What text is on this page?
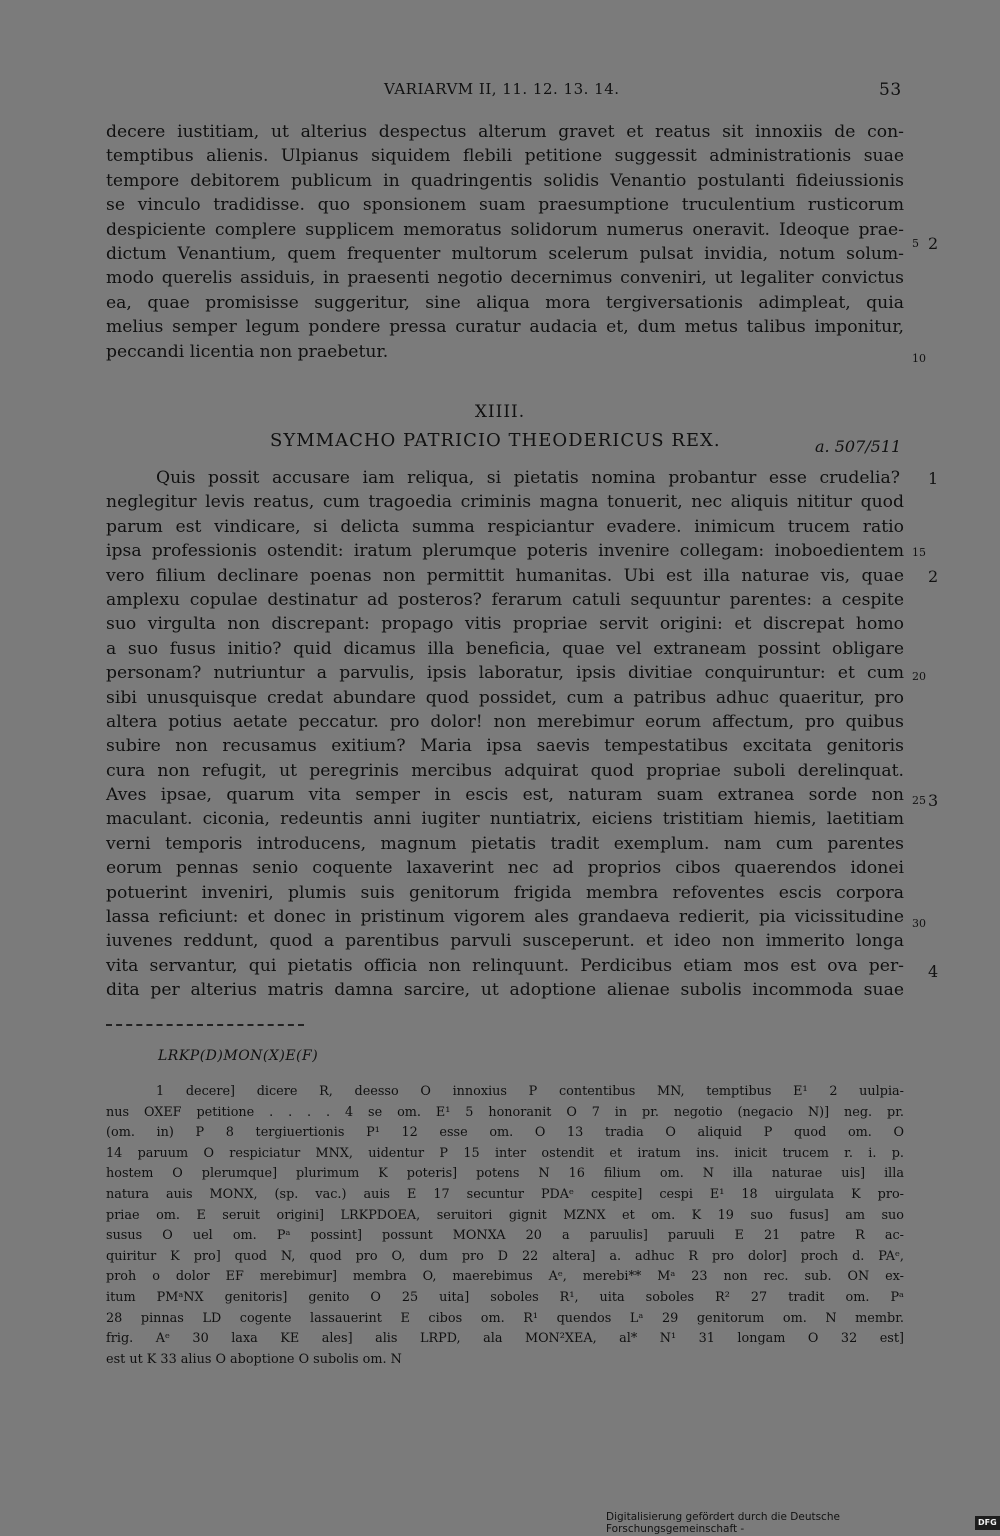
VARIARVM II, 11. 12. 13. 14.	53
decere iustitiam, ut alterius despectus alterum gravet et reatus sit innoxiis de con-
temptibus alienis. Ulpianus siquidem flebili petitione suggessit administrationis suae
tempore debitorem publicum in quadringentis solidis Venantio postulanti fideiussionis
se vinculo tradidisse. quo sponsionem suam praesumptione truculentium rusticorum
despiciente complere supplicem memoratus solidorum numerus oneravit. Ideoque prae-
dictum Venantium, quem frequenter multorum scelerum pulsat invidia, notum solum-
modo querelis assiduis, in praesenti negotio decernimus conveniri, ut legaliter convictus
ea, quae promisisse suggeritur, sine aliqua mora tergiversationis adimpleat, quia
melius semper legum pondere pressa curatur audacia et, dum metus talibus imponitur,
peccandi licentia non praebetur.
5 2
10
XIIII.
SYMMACHO PATRICIO THEODERICUS REX.	a. 507/511
Quis possit accusare iam reliqua, si pietatis nomina probantur esse crudelia?
neglegitur levis reatus, cum tragoedia criminis magna tonuerit, nec aliquis nititur quod
parum est vindicare, si delicta summa respiciantur evadere. inimicum trucem ratio
ipsa professionis ostendit: iratum plerumque poteris invenire collegam: inoboedientem
vero filium declinare poenas non permittit humanitas. Ubi est illa naturae vis, quae
amplexu copulae destinatur ad posteros? ferarum catuli sequuntur parentes: a cespite
suo virgulta non discrepant: propago vitis propriae servit origini: et discrepat homo
a suo fusus initio? quid dicamus illa beneficia, quae vel extraneam possint obligare
personam? nutriuntur a parvulis, ipsis laboratur, ipsis divitiae conquiruntur: et cum
sibi unusquisque credat abundare quod possidet, cum a patribus adhuc quaeritur, pro
altera potius aetate peccatur. pro dolor! non merebimur eorum affectum, pro quibus
subire non recusamus exitium? Maria ipsa saevis tempestatibus excitata genitoris
cura non refugit, ut peregrinis mercibus adquirat quod propriae suboli derelinquat.
Aves ipsae, quarum vita semper in escis est, naturam suam extranea sorde non
maculant. ciconia, redeuntis anni iugiter nuntiatrix, eiciens tristitiam hiemis, laetitiam
verni temporis introducens, magnum pietatis tradit exemplum. nam cum parentes
eorum pennas senio coquente laxaverint nec ad proprios cibos quaerendos idonei
potuerint inveniri, plumis suis genitorum frigida membra refoventes escis corpora
lassa reficiunt: et donec in pristinum vigorem ales grandaeva redierit, pia vicissitudine
iuvenes reddunt, quod a parentibus parvuli susceperunt. et ideo non immerito longa
vita servantur, qui pietatis officia non relinquunt. Perdicibus etiam mos est ova per-
dita per alterius matris damna sarcire, ut adoptione alienae subolis incommoda suae
1
15
2
20
25 3
30
4
LRKP(D)MON(X)E(F)
1 decere] dicere R, deesso O innoxius P contentibus MN, temptibus E¹ 2 uulpia-
nus OXEF petitione . . . . 4 se om. E¹ 5 honoranit O 7 in pr. negotio (negacio N)] neg. pr.
(om. in) P 8 tergiuertionis P¹ 12 esse om. O 13 tradia O aliquid P quod om. O
14 paruum O respiciatur MNX, uidentur P 15 inter ostendit et iratum ins. inicit trucem r. i. p.
hostem O plerumque] plurimum K poteris] potens N 16 filium om. N illa naturae uis] illa
natura auis MONX, (sp. vac.) auis E 17 secuntur PDAᵉ cespite] cespi E¹ 18 uirgulata K pro-
priae om. E seruit origini] LRKPDOEA, seruitori gignit MZNX et om. K 19 suo fusus] am suo
susus O uel om. Pᵃ possint] possunt MONXA 20 a paruulis] paruuli E 21 patre R ac-
quiritur K pro] quod N, quod pro O, dum pro D 22 altera] a. adhuc R pro dolor] proch d. PAᵉ,
proh o dolor EF merebimur] membra O, maerebimus Aᵉ, merebi** Mᵃ 23 non rec. sub. ON ex-
itum PMᵃNX genitoris] genito O 25 uita] soboles R¹, uita soboles R² 27 tradit om. Pᵃ
28 pinnas LD cogente lassauerint E cibos om. R¹ quendos Lᵃ 29 genitorum om. N membr.
frig. Aᵉ 30 laxa KE ales] alis LRPD, ala MON²XEA, al* N¹ 31 longam O 32 est]
est ut K 33 alius O aboptione O subolis om. N
Digitalisierung gefördert durch die Deutsche Forschungsgemeinschaft -
DFG
